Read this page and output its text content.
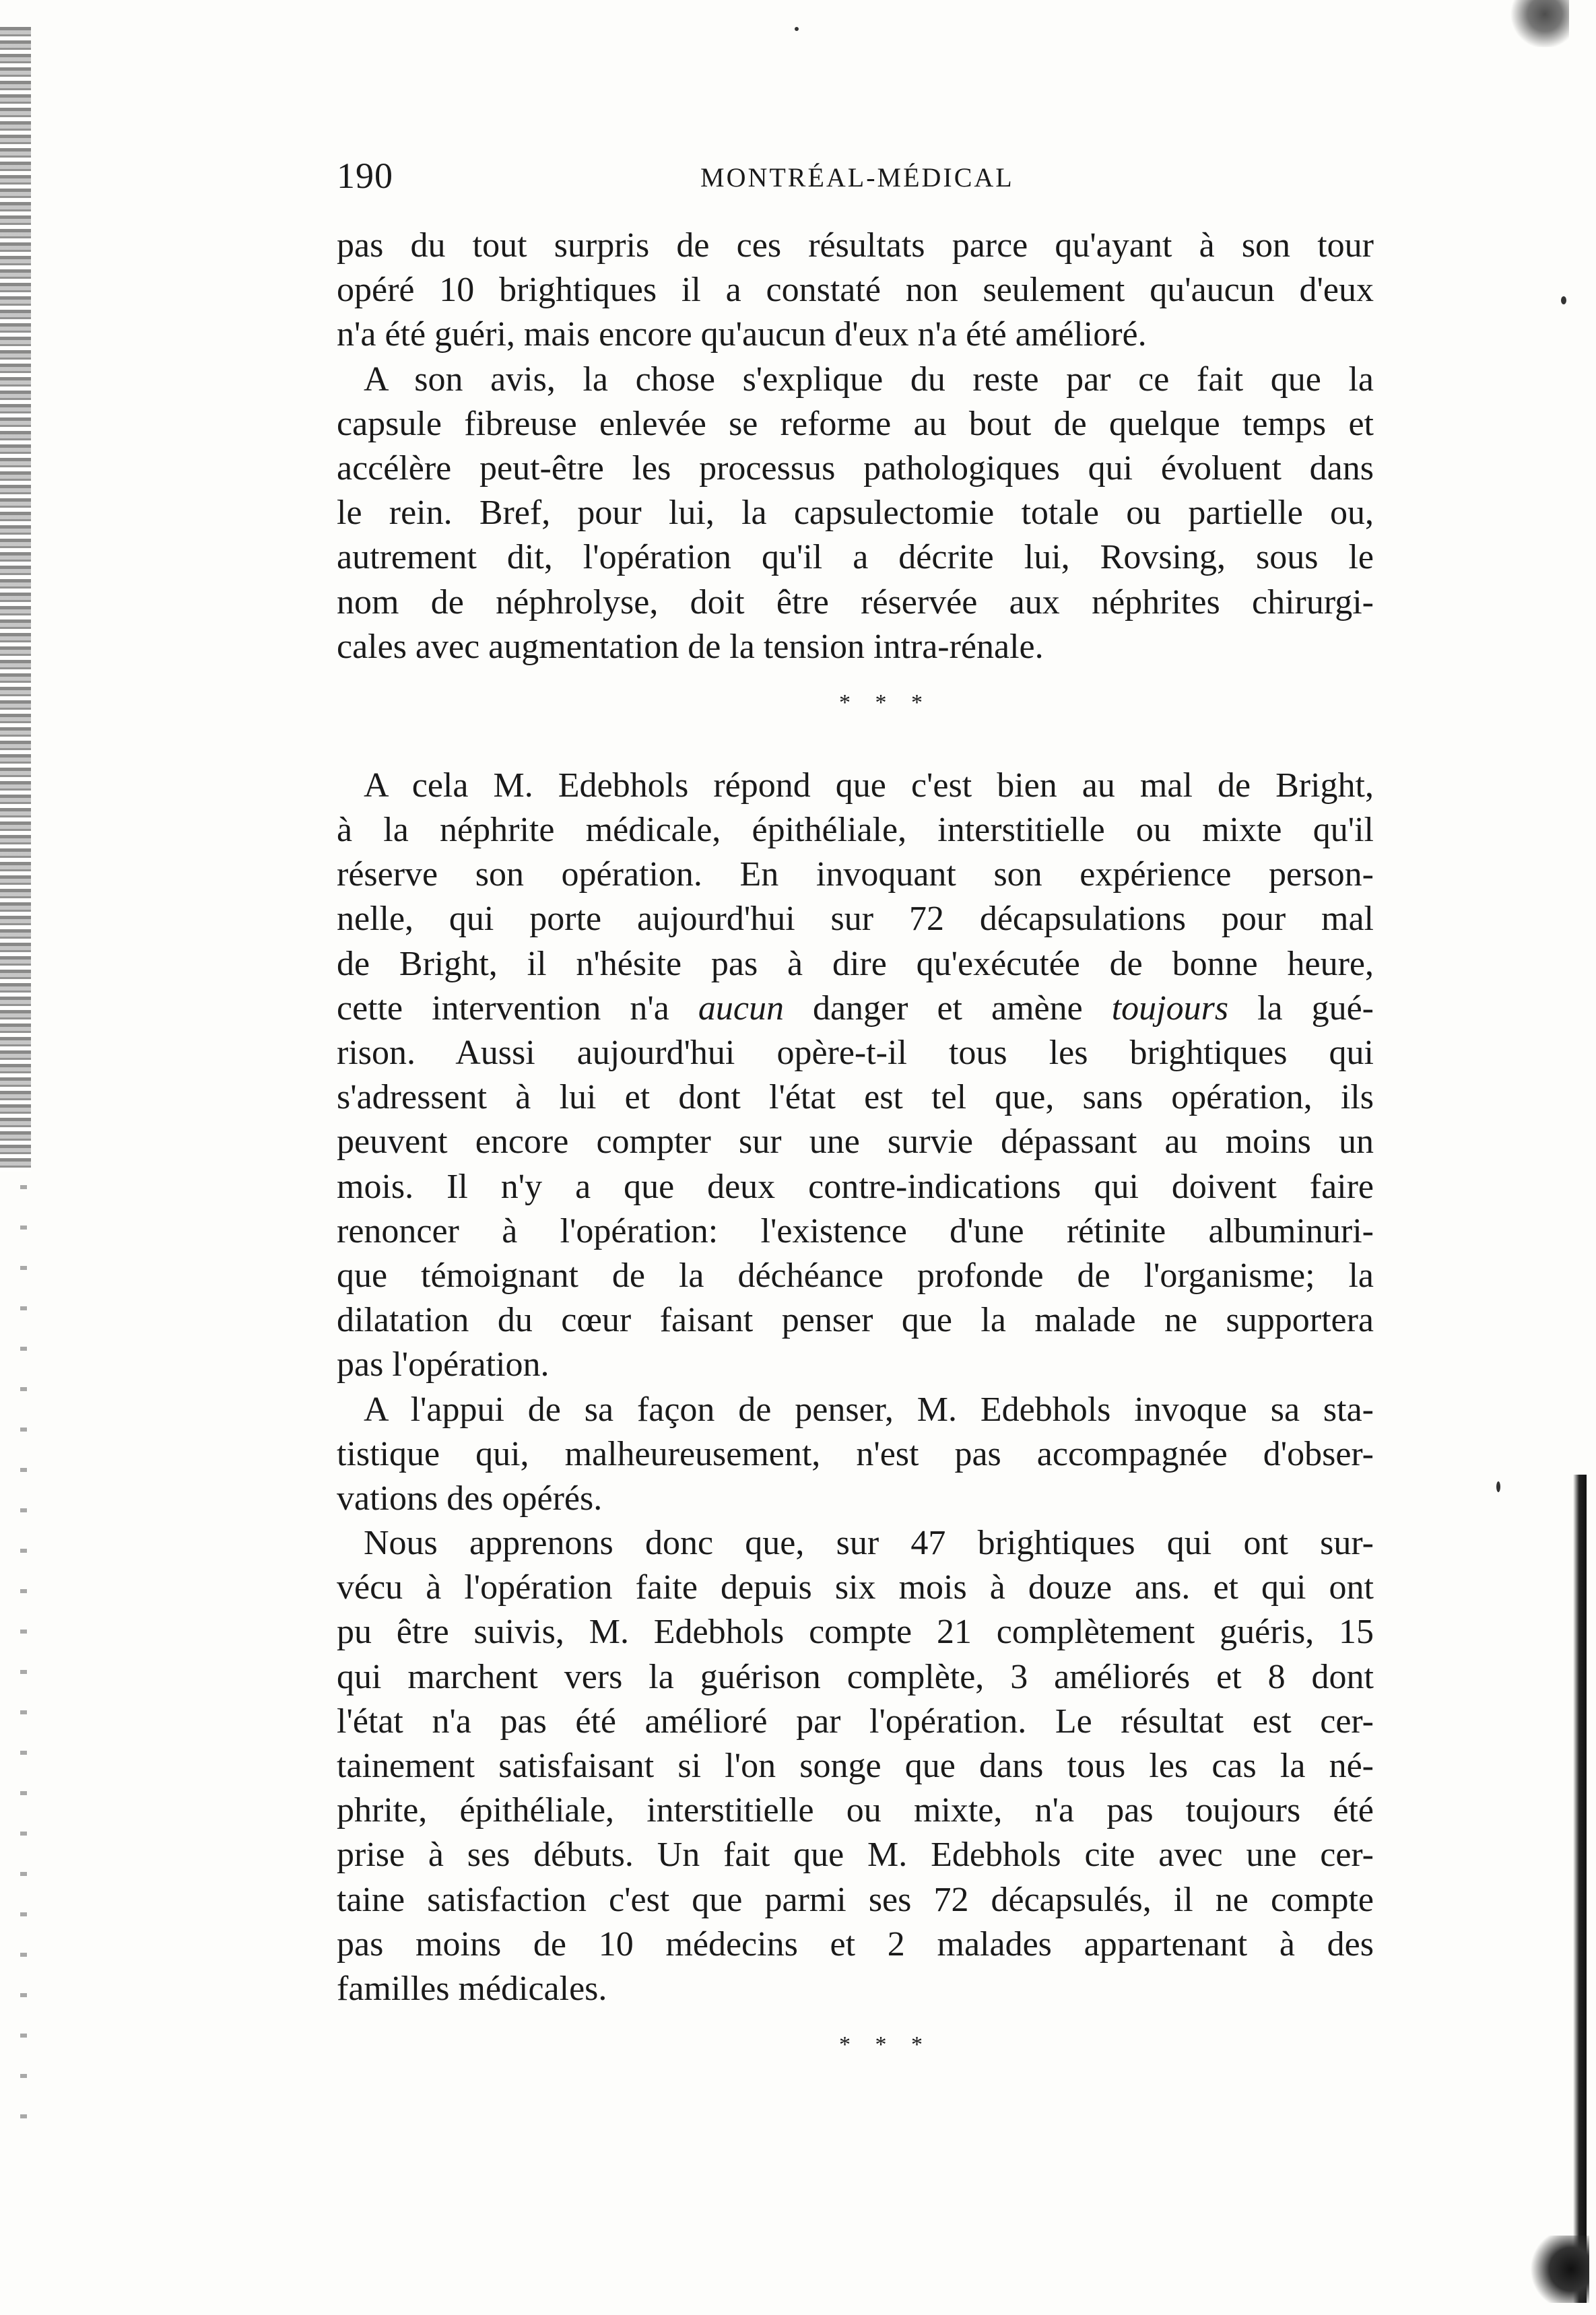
190	MONTRÉAL-MÉDICAL
pas du tout surpris de ces résultats parce qu'ayant à son tour
opéré 10 brightiques il a constaté non seulement qu'aucun d'eux
n'a été guéri, mais encore qu'aucun d'eux n'a été amélioré.
A son avis, la chose s'explique du reste par ce fait que la
capsule fibreuse enlevée se reforme au bout de quelque temps et
accélère peut-être les processus pathologiques qui évoluent dans
le rein. Bref, pour lui, la capsulectomie totale ou partielle ou,
autrement dit, l'opération qu'il a décrite lui, Rovsing, sous le
nom de néphrolyse, doit être réservée aux néphrites chirurgi-
cales avec augmentation de la tension intra-rénale.
* * *
A cela M. Edebhols répond que c'est bien au mal de Bright,
à la néphrite médicale, épithéliale, interstitielle ou mixte qu'il
réserve son opération. En invoquant son expérience person-
nelle, qui porte aujourd'hui sur 72 décapsulations pour mal
de Bright, il n'hésite pas à dire qu'exécutée de bonne heure,
cette intervention n'a aucun danger et amène toujours la gué-
rison. Aussi aujourd'hui opère-t-il tous les brightiques qui
s'adressent à lui et dont l'état est tel que, sans opération, ils
peuvent encore compter sur une survie dépassant au moins un
mois. Il n'y a que deux contre-indications qui doivent faire
renoncer à l'opération: l'existence d'une rétinite albuminuri-
que témoignant de la déchéance profonde de l'organisme; la
dilatation du cœur faisant penser que la malade ne supportera
pas l'opération.
A l'appui de sa façon de penser, M. Edebhols invoque sa sta-
tistique qui, malheureusement, n'est pas accompagnée d'obser-
vations des opérés.
Nous apprenons donc que, sur 47 brightiques qui ont sur-
vécu à l'opération faite depuis six mois à douze ans. et qui ont
pu être suivis, M. Edebhols compte 21 complètement guéris, 15
qui marchent vers la guérison complète, 3 améliorés et 8 dont
l'état n'a pas été amélioré par l'opération. Le résultat est cer-
tainement satisfaisant si l'on songe que dans tous les cas la né-
phrite, épithéliale, interstitielle ou mixte, n'a pas toujours été
prise à ses débuts. Un fait que M. Edebhols cite avec une cer-
taine satisfaction c'est que parmi ses 72 décapsulés, il ne compte
pas moins de 10 médecins et 2 malades appartenant à des
familles médicales.
* * *
